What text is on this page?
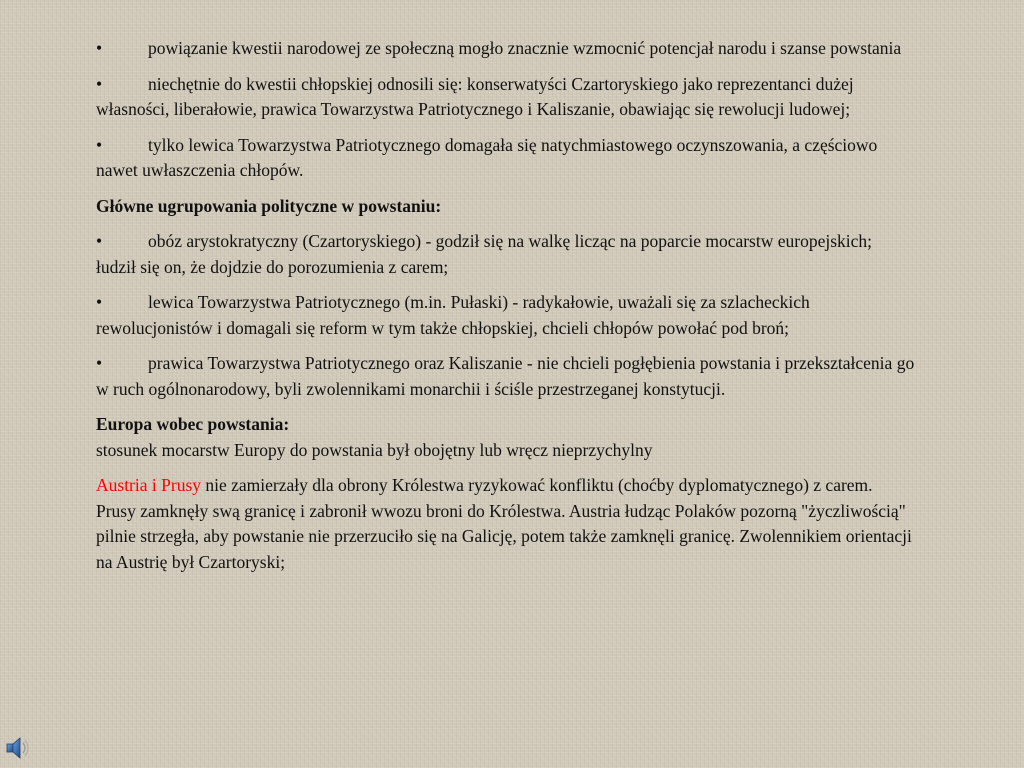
•	powiązanie kwestii narodowej ze społeczną mogło znacznie wzmocnić potencjał narodu i szanse powstania
•	niechętnie do kwestii chłopskiej odnosili się: konserwatyści Czartoryskiego jako reprezentanci dużej własności, liberałowie, prawica Towarzystwa Patriotycznego i Kaliszanie, obawiając się rewolucji ludowej;
•	tylko lewica Towarzystwa Patriotycznego domagała się natychmiastowego oczynszowania, a częściowo nawet uwłaszczenia chłopów.
Główne ugrupowania polityczne w powstaniu:
•	obóz arystokratyczny (Czartoryskiego) - godził się na walkę licząc na poparcie mocarstw europejskich; łudził się on, że dojdzie do porozumienia z carem;
•	lewica Towarzystwa Patriotycznego (m.in. Pułaski) - radykałowie, uważali się za szlacheckich rewolucjonistów i domagali się reform w tym także chłopskiej, chcieli chłopów powołać pod broń;
•	prawica Towarzystwa Patriotycznego oraz Kaliszanie - nie chcieli pogłębienia powstania i przekształcenia go w ruch ogólnonarodowy, byli zwolennikami monarchii i ściśle przestrzeganej konstytucji.
Europa wobec powstania:
stosunek mocarstw Europy do powstania był obojętny lub wręcz nieprzychylny
Austria i Prusy nie zamierzały dla obrony Królestwa ryzykować konfliktu (choćby dyplomatycznego) z carem.
Prusy zamknęły swą granicę i zabronił wwozu broni do Królestwa. Austria łudząc Polaków pozorną "życzliwością" pilnie strzegła, aby powstanie nie przerzuciło się na Galicję, potem także zamknęli granicę. Zwolennikiem orientacji na Austrię był Czartoryski;
